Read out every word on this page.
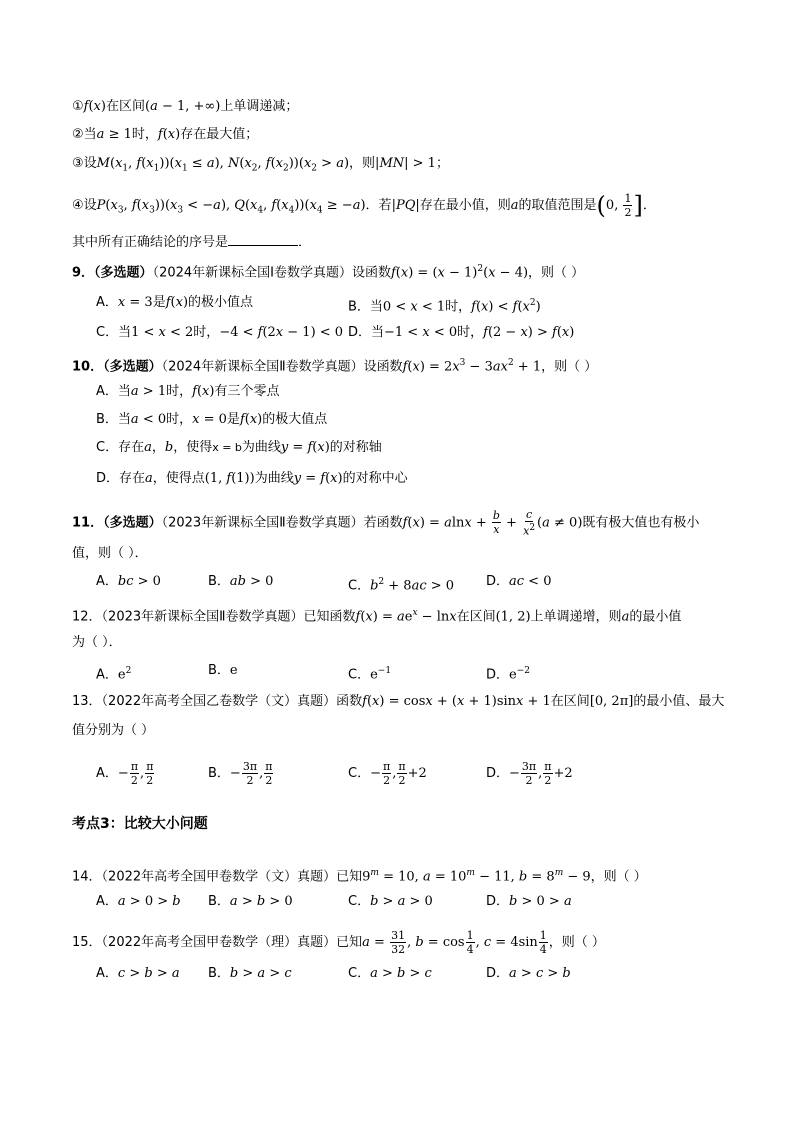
①f(x)在区间(a − 1, +∞)上单调递减；
②当a ≥ 1时，f(x)存在最大值；
③设$M(x_1$, $f(x_1))(x_1 \le a)$, $N(x_2$, $f(x_2))(x_2 > a)$，则|MN| > 1；
④设$P(x_3$, $f(x_3))(x_3 < -a)$, $Q(x_4$, $f(x_4))(x_4 \ge -a)$．若|PQ|存在最小值，则a的取值范围是(0, $\frac{1}{2}$ ]．
其中所有正确结论的序号是	．
9．（多选题）（2024年新课标全国Ⅰ卷数学真题）设函数$f(x) = (x - 1)^2(x - 4)$，则（ ）
A．x = 3是f(x)的极小值点	B．当0 < x < 1时，$f(x) < f(x^2)$
C．当1 < x < 2时，−4 < f(2x − 1) < 0 D．当−1 < x < 0时，f(2 − x) > f(x)
10．（多选题）（2024年新课标全国Ⅱ卷数学真题）设函数$f(x) = 2x^3 - 3ax^2 + 1$，则（ ）
A．当a > 1时，f(x)有三个零点
B．当a < 0时，x = 0是f(x)的极大值点
C．存在a，b，使得x = b为曲线y = f(x)的对称轴
D．存在a，使得点(1, f(1))为曲线y = f(x)的对称中心
11．（多选题）（2023年新课标全国Ⅱ卷数学真题）若函数$f(x) = alnx + \frac{b}{x} + \frac{c}{x^2} (a \ne 0)$既有极大值也有极小
值，则（ ）．
A．bc > 0	B．ab > 0	C．$b^2 + 8ac > 0$ D．ac < 0
12．（2023年新课标全国Ⅱ卷数学真题）已知函数$f(x) = ae^x - \ln x$在区间(1, 2)上单调递增，则a的最小值
为（ ）．
A．$e^2$	B．e	C．$e^{-1}$	D．$e^{-2}$
13．（2022年高考全国乙卷数学（文）真题）函数f(x) = cosx + (x + 1)sinx + 1在区间[0, 2π]的最小值、最大
值分别为（ ）
A．− $\frac{\pi}{2}$ , $\frac{\pi}{2}$	B．− $\frac{3\pi}{2}$ , $\frac{\pi}{2}$	C．− $\frac{\pi}{2}$ , $\frac{\pi}{2} +2$	D．− $\frac{3\pi}{2}$ , $\frac{\pi}{2} +2$
考点3：比较大小问题
14．（2022年高考全国甲卷数学（文）真题）已知$9^m = 10$, $a = 10^m - 11$, $b = 8^m - 9$，则（ ）
A．a > 0 > b B．a > b > 0	C．b > a > 0	D．b > 0 > a
15．（2022年高考全国甲卷数学（理）真题）已知$a = \frac{31}{32}$ , $b = \cos \frac{1}{4}$ , $c = 4\sin \frac{1}{4}$ ，则（ ）
A．c > b > a B．b > a > c	C．a > b > c	D．a > c > b
